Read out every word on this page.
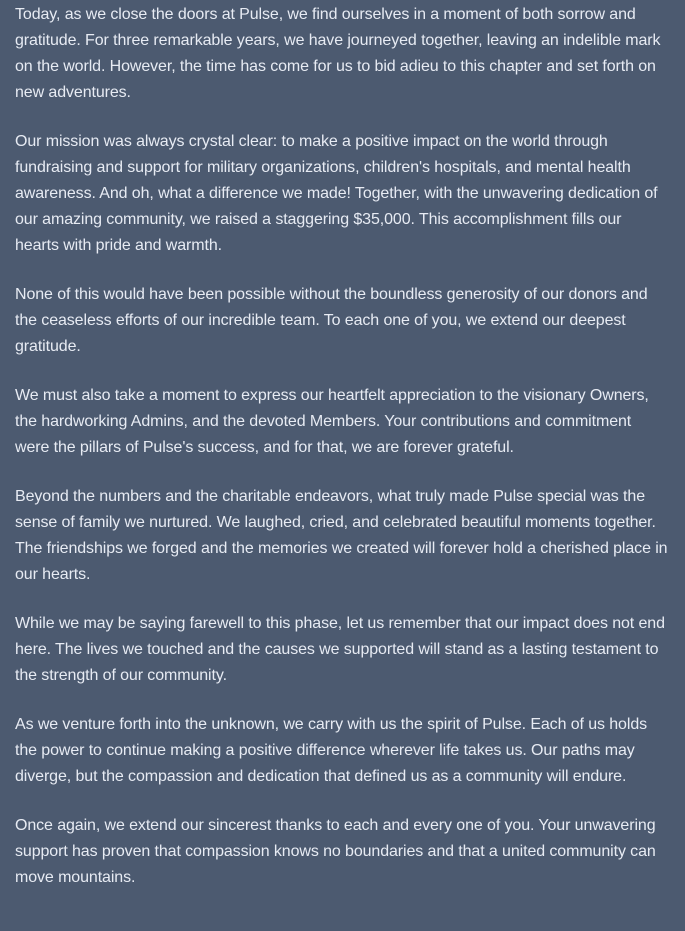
Today, as we close the doors at Pulse, we find ourselves in a moment of both sorrow and gratitude. For three remarkable years, we have journeyed together, leaving an indelible mark on the world. However, the time has come for us to bid adieu to this chapter and set forth on new adventures.

Our mission was always crystal clear: to make a positive impact on the world through fundraising and support for military organizations, children's hospitals, and mental health awareness. And oh, what a difference we made! Together, with the unwavering dedication of our amazing community, we raised a staggering $35,000. This accomplishment fills our hearts with pride and warmth.

None of this would have been possible without the boundless generosity of our donors and the ceaseless efforts of our incredible team. To each one of you, we extend our deepest gratitude.

We must also take a moment to express our heartfelt appreciation to the visionary Owners, the hardworking Admins, and the devoted Members. Your contributions and commitment were the pillars of Pulse's success, and for that, we are forever grateful.

Beyond the numbers and the charitable endeavors, what truly made Pulse special was the sense of family we nurtured. We laughed, cried, and celebrated beautiful moments together. The friendships we forged and the memories we created will forever hold a cherished place in our hearts.

While we may be saying farewell to this phase, let us remember that our impact does not end here. The lives we touched and the causes we supported will stand as a lasting testament to the strength of our community.

As we venture forth into the unknown, we carry with us the spirit of Pulse. Each of us holds the power to continue making a positive difference wherever life takes us. Our paths may diverge, but the compassion and dedication that defined us as a community will endure.

Once again, we extend our sincerest thanks to each and every one of you. Your unwavering support has proven that compassion knows no boundaries and that a united community can move mountains.
